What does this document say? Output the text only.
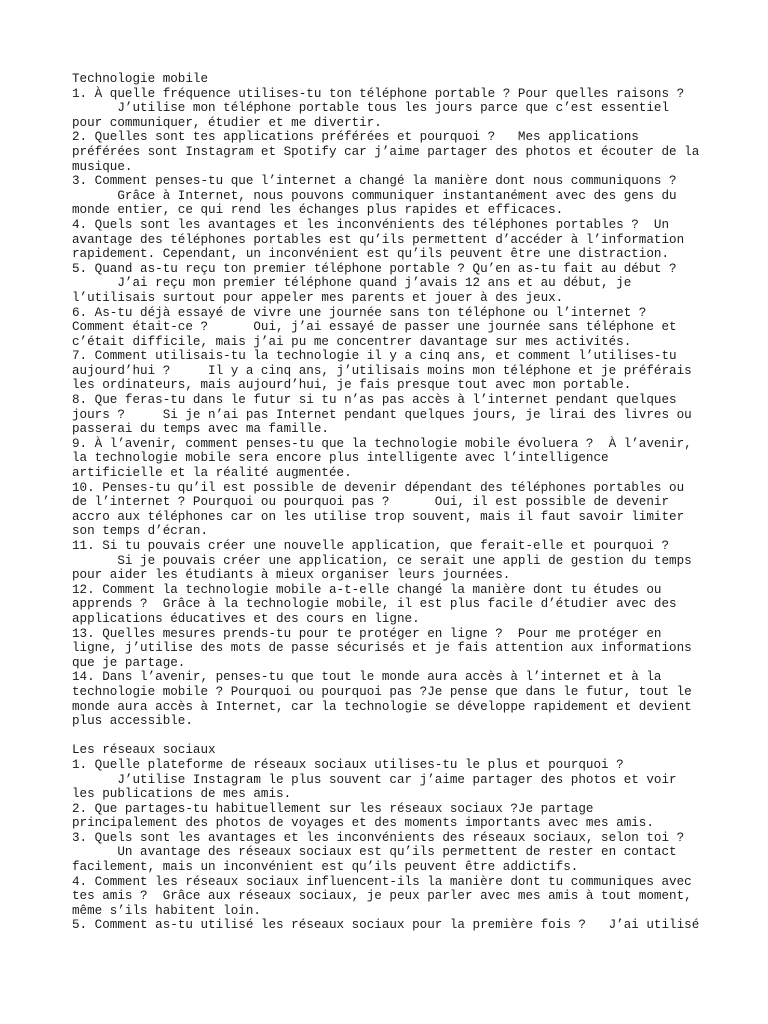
Technologie mobile
1. À quelle fréquence utilises-tu ton téléphone portable ? Pour quelles raisons ?
J’utilise mon téléphone portable tous les jours parce que c’est essentiel
pour communiquer, étudier et me divertir.
2. Quelles sont tes applications préférées et pourquoi ?   Mes applications
préférées sont Instagram et Spotify car j’aime partager des photos et écouter de la
musique.
3. Comment penses-tu que l’internet a changé la manière dont nous communiquons ?
Grâce à Internet, nous pouvons communiquer instantanément avec des gens du
monde entier, ce qui rend les échanges plus rapides et efficaces.
4. Quels sont les avantages et les inconvénients des téléphones portables ?  Un
avantage des téléphones portables est qu’ils permettent d’accéder à l’information
rapidement. Cependant, un inconvénient est qu’ils peuvent être une distraction.
5. Quand as-tu reçu ton premier téléphone portable ? Qu’en as-tu fait au début ?
J’ai reçu mon premier téléphone quand j’avais 12 ans et au début, je
l’utilisais surtout pour appeler mes parents et jouer à des jeux.
6. As-tu déjà essayé de vivre une journée sans ton téléphone ou l’internet ?
Comment était-ce ?      Oui, j’ai essayé de passer une journée sans téléphone et
c’était difficile, mais j’ai pu me concentrer davantage sur mes activités.
7. Comment utilisais-tu la technologie il y a cinq ans, et comment l’utilises-tu
aujourd’hui ?     Il y a cinq ans, j’utilisais moins mon téléphone et je préférais
les ordinateurs, mais aujourd’hui, je fais presque tout avec mon portable.
8. Que feras-tu dans le futur si tu n’as pas accès à l’internet pendant quelques
jours ?     Si je n’ai pas Internet pendant quelques jours, je lirai des livres ou
passerai du temps avec ma famille.
9. À l’avenir, comment penses-tu que la technologie mobile évoluera ?  À l’avenir,
la technologie mobile sera encore plus intelligente avec l’intelligence
artificielle et la réalité augmentée.
10. Penses-tu qu’il est possible de devenir dépendant des téléphones portables ou
de l’internet ? Pourquoi ou pourquoi pas ?      Oui, il est possible de devenir
accro aux téléphones car on les utilise trop souvent, mais il faut savoir limiter
son temps d’écran.
11. Si tu pouvais créer une nouvelle application, que ferait-elle et pourquoi ?
Si je pouvais créer une application, ce serait une appli de gestion du temps
pour aider les étudiants à mieux organiser leurs journées.
12. Comment la technologie mobile a-t-elle changé la manière dont tu études ou
apprends ?  Grâce à la technologie mobile, il est plus facile d’étudier avec des
applications éducatives et des cours en ligne.
13. Quelles mesures prends-tu pour te protéger en ligne ?  Pour me protéger en
ligne, j’utilise des mots de passe sécurisés et je fais attention aux informations
que je partage.
14. Dans l’avenir, penses-tu que tout le monde aura accès à l’internet et à la
technologie mobile ? Pourquoi ou pourquoi pas ?Je pense que dans le futur, tout le
monde aura accès à Internet, car la technologie se développe rapidement et devient
plus accessible.
Les réseaux sociaux
1. Quelle plateforme de réseaux sociaux utilises-tu le plus et pourquoi ?
J’utilise Instagram le plus souvent car j’aime partager des photos et voir
les publications de mes amis.
2. Que partages-tu habituellement sur les réseaux sociaux ?Je partage
principalement des photos de voyages et des moments importants avec mes amis.
3. Quels sont les avantages et les inconvénients des réseaux sociaux, selon toi ?
Un avantage des réseaux sociaux est qu’ils permettent de rester en contact
facilement, mais un inconvénient est qu’ils peuvent être addictifs.
4. Comment les réseaux sociaux influencent-ils la manière dont tu communiques avec
tes amis ?  Grâce aux réseaux sociaux, je peux parler avec mes amis à tout moment,
même s’ils habitent loin.
5. Comment as-tu utilisé les réseaux sociaux pour la première fois ?   J’ai utilisé
